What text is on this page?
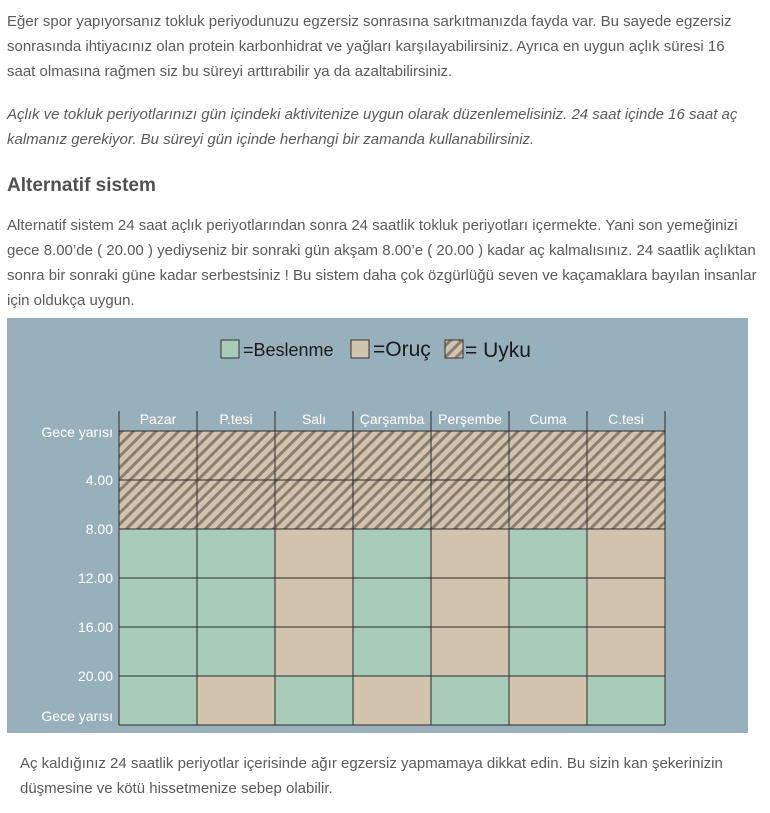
Eğer spor yapıyorsanız tokluk periyodunuzu egzersiz sonrasına sarkıtmanızda fayda var. Bu sayede egzersiz sonrasında ihtiyacınız olan protein karbonhidrat ve yağları karşılayabilirsiniz. Ayrıca en uygun açlık süresi 16 saat olmasına rağmen siz bu süreyi arttırabilir ya da azaltabilirsiniz.

Açlık ve tokluk periyotlarınızı gün içindeki aktivitenize uygun olarak düzenlemelisiniz. 24 saat içinde 16 saat aç kalmanız gerekiyor. Bu süreyi gün içinde herhangi bir zamanda kullanabilirsiniz.

Alternatif sistem

Alternatif sistem 24 saat açlık periyotlarından sonra 24 saatlik tokluk periyotları içermekte. Yani son yemeğinizi gece 8.00’de ( 20.00 ) yediyseniz bir sonraki gün akşam 8.00’e ( 20.00 ) kadar aç kalmalısınız. 24 saatlik açlıktan sonra bir sonraki güne kadar serbestsiniz ! Bu sistem daha çok özgürlüğü seven ve kaçamaklara bayılan insanlar için oldukça uygun.

=Beslenme =Oruç = Uyku
Pazar	P.tesi	Salı Çarşamba Perşembe Cuma	C.tesi
Gece yarısı
4.00
8.00
12.00
16.00
20.00
Gece yarısı

Aç kaldığınız 24 saatlik periyotlar içerisinde ağır egzersiz yapmamaya dikkat edin. Bu sizin kan şekerinizin düşmesine ve kötü hissetmenize sebep olabilir.
